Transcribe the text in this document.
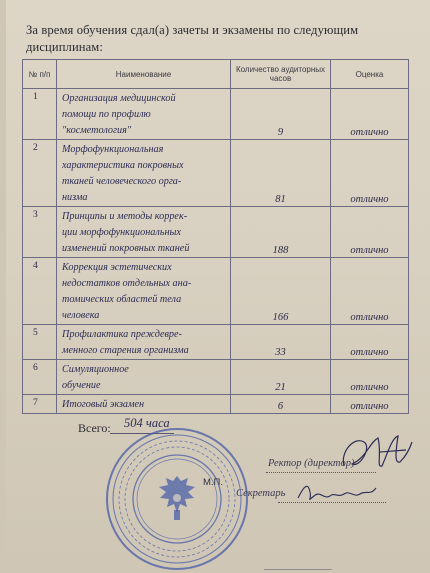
За время обучения сдал(а) зачеты и экзамены по следующим дисциплинам:
№ п/п	Наименование	Количество аудиторных часов	Оценка
1	Организация медицинской
помощи по профилю
"косметология"	9	отлично

2	Морфофункциональная
характеристика покровных
тканей человеческого орга-
низма	81	отлично

3	Принципы и методы коррек-
ции морфофункциональных
изменений покровных тканей	188	отлично

4	Коррекция эстетических
недостатков отдельных ана-
томических областей тела
человека	166	отлично

5	Профилактика преждевре-
менного старения организма	33	отлично

6	Симуляционное
обучение	21	отлично

7	Итоговый экзамен	6	отлично
Всего: 504 часа
Ректор (директор)
М.П.
Секретарь
▁▁▁▁▁▁▁▁▁▁▁▁▁▁▁▁▁▁▁▁▁▁
